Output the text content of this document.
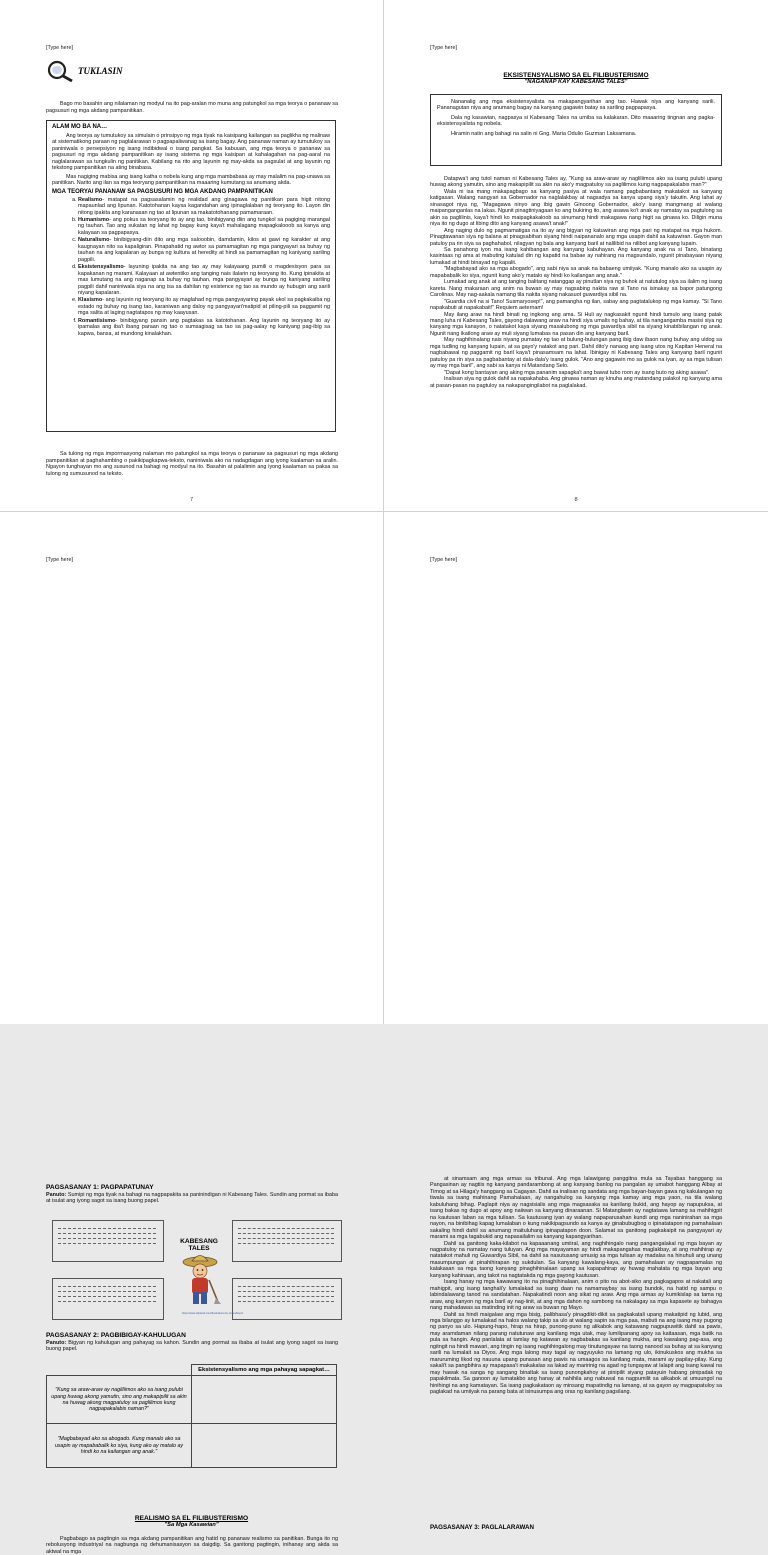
[Type here]
TUKLASIN

Bago mo basahin ang nilalaman ng modyul na ito pag-aralan mo muna ang patungkol sa mga teorya o pananaw sa pagsusuri ng mga akdang pampanitikan.

ALAM MO BA NA…

Ang teorya ay tumutukoy sa simulain o prinsipyo ng mga tiyak na kaisipang kailangan sa paglikha ng malinaw at sistematikong paraan ng paglalarawan o pagpapaliwanag sa isang bagay. Ang pananaw naman ay tumutukoy sa paniniwala o persepsiyon ng isang indibidwal o isang pangkat. Sa kabuuan, ang mga teorya o pananaw sa pagsusuri ng mga akdang pampanitikan ay isang sistema ng mga kaisipan at kahalagahan na pag-aaral na naglalarawan sa tungkulin ng panitikan. Kabilang na rito ang layunin ng may-akda sa pagsulat at ang layunin ng tekstong pampanitikan na ating binabasa.

Mas nagiging mabisa ang isang katha o nobela kung ang mga mambabasa ay may malalim na pag-unawa sa panitikan. Narito ang ilan sa mga teoryang pampanitikan na maaaring kumutang sa anumang akda.

MGA TEORYA/ PANANAW SA PAGSUSURI NG MGA AKDANG PAMPANITIKAN
a. Realismo- matapat na pagsasalamin ng realidad ang ginagawa ng panitikan para higit nitong mapaunlad ang lipunan. Katotohanan kaysa kagandahan ang ipinaglalaban ng teoryang ito. Layon din nitong ipakita ang karanasan ng tao at lipunan sa makatotohanang pamamaraan.
b. Humanismo- ang pokus sa teoryang ito ay ang tao, binibigyang diin ang tungkol sa pagiging marangal ng tauhan. Tao ang sukatan ng lahat ng bagay kung kaya't mahalagang mapagkalooob sa kanya ang kalayaan sa pagpapasya.
c. Naturalismo- binibigyang-diin dito ang mga salooobin, damdamin, kilos at gawi ng karakter at ang kaugnayan nito sa kapaligiran. Pinapahatid ng awtor sa pamamagitan ng mga pangyayari sa buhay ng tauhan na ang kapalaran ay bunga ng kultura at heredity at hindi sa pamamagitan ng kaniyang sariling pagpili.
d. Eksistensyalismo- layuning ipakita na ang tao ay may kalayaang pumili o magdesisyon para sa kapakanan ng marami. Kalayaan at awtentiko ang tanging nais ilalarin ng teoryang ito. Kung ipinakita at mas lumutang na ang naganap sa buhay ng tauhan, mga pangyayari ay bunga ng kaniyang sariling pagpili dahil naniniwala siya na ang isa sa dahilan ng existence ng tao sa mundo ay hubugin ang sarili niyang kapalaran.
e. Klasismo- ang layunin ng teoryang ito ay maglahad ng mga pangyayaring payak ukol sa pagkakaiba ng estado ng buhay ng isang tao, karaniwan ang daloy ng pangyayari'matipid at piling-pili sa paggamit ng mga salita at laging nagtatapos ng may kaayusan.
f. Romantisismo- binibigyang pansin ang pagtakas sa katotohanan. Ang layunin ng teoryang ito ay ipamalas ang iba't ibang paraan ng tao o sumsagisag sa tao sa pag-aalay ng kaniyang pag-ibig sa kapwa, bansa, at mundong kinalakhan.

Sa tulong ng mga impormasyong nalaman mo patungkol sa mga teorya o pananaw sa pagsusuri ng mga akdang pampanitikan at paghahambing o pakikipagkapwa-teksto, naniniwala ako na nadagdagan ang iyong kaalaman sa aralin. Ngayon tunghayan mo ang susunod na bahagi ng modyul na ito. Basahin at palalimin ang iyong kaalaman sa paksa sa tulong ng sumusunod na teksto.

7
[Type here]
EKSISTENSYALISMO SA EL FILIBUSTERISMO
"NAGANAP KAY KABESANG TALES"

Nananalig ang mga eksistensyalista na makapangyarihan ang tao. Hawak niya ang kanyang sarili. Pananagutan niya ang anumang bagay na kanyang gagawin batay sa sariling pagpapasya.

Dala ng kasawian, nagpasya si Kabesang Tales na umiba sa kalakaran. Dito maaaring tingnan ang pagka-eksistensyalista ng nobela.

Hiramin natin ang bahagi na salin ni Gng. Maria Odulio Guzman Laksamana.

Datapwa't ang tutol naman ni Kabesang Tales ay, "Kung sa araw-araw ay nagliliimos ako sa isang pulubi upang huwag akong yamutin, sino ang makapipilit sa akin na ako'y magpatuloy sa paglilimos kung nagpapakalabis man?"

Wala ni isa mang makapagbago sa kanyang pasiya at wala namang pagbabantang makatakot sa kanyang katigasan. Walang nangyari sa Gobernador na naglalakbay at nagsadya sa kanya upang siya'y takutin. Ang lahat ay sinasagot niya ng, "Magagawa ninyo ang ibig gawin Ginoong Gobernador, ako'y isang mangmang at walang maipanganganlas na lakas. Ngunit pinagtiniyagaan ko ang bukiring ito, ang asawa ko't anak ay namatay sa pagtulong sa akin sa paglilinis, kaya't hindi ko maipagkakaloob sa sinumang hindi makagawa nang higit sa ginawa ko. Diligin muna niya ito ng dugo at libing dito ang kanyang asawa't anak!"

Ang naging dulo ng pagmamatigas na ito ay ang bigyan ng katuwiran ang mga pari ng matapat na mga hukom. Pinagtawanan siya ng balana at pinagsabihan siyang hindi naipananalo ang mga usapin dahil sa katuwiran. Gayon man patuloy pa rin siya sa paghahabol, nilagyan ng bala ang kanyang baril at nalilibid na nilibot ang kanyang lupain.

Sa panahong iyon ma isang kahibangan ang kanyang kabuhayan. Ang kanyang anak na si Tano, binatang kasintaas ng ama at mabuting katulad din ng kapatid na babae ay nahirang na magsundalo, ngunit pinabayaan niyang lumakad at hindi binayad ng kapalit.

"Magbabayad ako sa mga abogado", ang sabi niya sa anak na babaeng umiiyak. "Kung manalo ako sa usapin ay mapababalik ko siya, ngunit kung ako'y matalo ay hindi ko kailangan ang anak."

Lumakad ang anak at ang tanging balitang natanggap ay pinutlan siya ng buhok at natutulog siya sa ilalim ng isang kareta. Nang makaraan ang anim na buwan ay may nagsabing nakita raw si Tano na isinakay sa bapor patungong Carolinas. May nag-aakala namang tila nakita siyang nakasuot guwardiya sibil na.

"Guardia civil na si Tano! Susmaryosep!", ang pamangha ng ilan, sabay ang pagtatalukop ng mga kamay. "Si Tano napakabuti at napakabait!" Requiem aeternam!

May ilang araw na hindi binati ng ingkong ang ama. Si Huli ay nagkasakit ngunit hindi tumulo ang isang patak mang luha ni Kabesang Tales, gayong dalawang araw na hindi siya umalis ng bahay, at tila nangangamba masisi siya ng kanyang mga kanayon, o natatakot kaya siyang masalubong ng mga guwardiya sibil na siyang kinabibilangan ng anak. Ngunit nang ikatlong araw ay muli siyang lumabas na pasan din ang kanyang baril.

May naghihinalang nais niyang pumatay ng tao at bulung-bulungan pang ibig daw ibaon nang buhay ang uldog sa mga tudling ng kanyang lupain, at sa gayo'y natakot ang pari. Dahil dito'y nanaog ang isang utos ng Kapitan Heneral na nagbabawal ng paggamit ng baril kaya't pinasamsam na lahat. Ibinigay ni Kabesang Tales ang kanyang baril ngunit patuloy pa rin siya sa pagbabantay at dala-dala'y isang gulok. "Ano ang gagawin mo sa gulok na iyan, ay sa mga tulisan ay may mga baril", ang sabi sa kanya ni Matandang Selo.

"Dapat kong bantayan ang aking mga pananim sapagka't ang bawat tubo roon ay isang buto ng aking asawa".

Inalisan siya ng gulok dahil sa napakahaba. Ang ginawa naman ay kinuha ang matandang palakol ng kanyang ama at pasan-pasan na pagtuloy sa nakapangingilabot na paglalakad.

8
[Type here]
PAGSASANAY 1: PAGPAPATUNAY

Panuto: Sumipi ng mga tiyak na bahagi na nagpapakita sa paninindigan ni Kabesang Tales. Sundin ang pormat sa ibaba at isulat ang iyong sagot sa isang buong papel.

KABESANG TALES
https://www.clipartof.com/illustrations-by-ronleshine/1
PAGSASANAY 2: PAGBIBIGAY-KAHULUGAN

Panuto: Bigyan ng kahulugan ang pahayag sa kahon. Sundin ang pormat sa ibaba at isulat ang iyong sagot sa isang buong papel.

	Eksistensyalismo ang mga pahayag sapagkat…
"Kung sa araw-araw ay nagliliimos ako sa isang pulubi upang huwag akong yamutin, sino ang makapipilit sa akin na huwag akong magpatuloy sa paglilimos kung nagpapakalabis naman?"	
"Magbabayad ako sa abogado. Kung manalo ako sa usapin ay mapababalik ko siya, kung ako ay matalo ay hindi ko na kailangan ang anak."	
REALISMO SA EL FILIBUSTERISMO
"Sa Mga Kasawian"

Pagbabago sa pagtingin sa mga akdang pampanitikan ang hatid ng pananaw realismo sa panitikan. Bunga ito ng rebolusyong industriyal na nagbunga ng dehumanisasyon sa daigdig. Sa ganitong pagtingin, inihanay ang akda sa aktwal na mga

[Type here]

at sinamsam ang mga armas sa tribunal. Ang mga lalawigang panggitna mula sa Tayabas hanggang sa Pangasinan ay nagtiis ng kanyang pandarambong at ang kanyang banlog na pangalan ay umabot hanggang Albay at Timog at sa Hilaga'y hanggang sa Cagayan. Dahil sa inalisan ng sandata ang mga bayan-bayan gawa ng kakulangan ng tiwala sa isang mahinang Pamahalaan, ay nangahulog sa kanyang mga kamay ang mga yaon, na tila walang kabuluhang bihag. Paglapit niya ay nagsisialis ang mga magsasaka sa kanilang bukid, ang hayop ay napupuksa, at isang bakas ng dugo at apoy ang naiiwan sa kanyang dinaraanan. Si Matanglawin ay nagtatawa lamang sa mahihigpit na kautusan laban sa mga tulisan. Sa kautusang iyan ay walang napaparusahan kundi ang mga naninirahan sa mga nayon, na binibihag kapag lumalaban o kung nakikipagsundo sa kanya ay ginabubugbog o ipinatatapon ng pamahalaan sakaling hindi dahil sa anumang maituluhang ipinapatapon doon. Salamat sa ganitong pagkakaipit na pangyayari ay marami sa mga tagabukid ang napasailalim sa kanyang kapangyarihan.

Dahil sa ganitong kaka-kilabot na kapaaanang umiiral, ang naghihingalo nang pangangalakal ng mga bayan ay nagpatuloy na namatay nang tuluyan. Ang mga mayayaman ay hindi makapangahas maglakbay, at ang mahihirap ay natatakot mahuli ng Guwardiya Sibil, na dahil sa nasutusang umusig sa mga tulisan ay madalas na hinuhuli ang unang masumpungan at pinahihirapan ng sukdulan. Sa kanyang kawalang-kaya, ang pamahalaan ay nagpapamalas ng kalakasan sa mga taong kanyang pinaghihinalaan upang sa kapapahirap ay huwag mahalata ng mga bayan ang kanyang kahinaan, ang takot na nagtatakda ng mga gayong kautusan.

Isang hanay ng mga kawawang ito na pinaghihinalaan, anim o pito na abot-siko ang pagkagapos at nakatali ang mahigpit, ang isang tanghali'y lumalakad sa isang daan na namamaybay sa isang bundok, na hatid ng sampu o labindalawang tanod na sandatahan. Napakatindi noon ang sikat ng araw. Ang mga armas ay kumikislap sa tama ng araw, ang kanyon ng mga baril ay nag-iinit, at ang mga dahon ng sambong na nakalagay sa mga kapasete ay bahagya nang mahadawas sa matinding init ng araw sa buwan ng Mayo.

Dahil sa hindi maigalaw ang mga bisig, palibhasa'y pinagdikit-dikit sa pagkakatali upang makatipid ng lubid, ang mga bilanggo ay lumalakad na halos walang takip sa ulo at walang sapin sa mga paa, mabuti na ang isang may pugong ng panyo sa ulo. Hapung-hapo, hirap na hirap, punong-puno ng alikabok ang katawang nagpupuwitik dahil sa pawis, may aramdaman nilang parang natutunaw ang kanilang mga utak, may lumilipanang apoy sa kaitaasan, mga batik na pula sa hangin. Ang panlalata at tamlay ng katawan ay nagbabakas sa kanilang mukha, ang kawalang pag-asa, ang ngitngit na hindi mawari, ang tingin ng isang naghihingalong may tinutungayaw na taong nanood sa buhay at sa kanyang sarili na lumalait sa Diyos. Ang mga lalong may tagal ay nagyuyuko na lamang ng ulo, ikinukuskos ang mukha sa maruruming likod ng nauuna upang punasan ang pawis na umaagos sa kanilang mata, marami ay papilay-pilay. Kung sakali't sa pangbihira ay mapapasa't makakalas sa lakad ay maririnig na agad ng tungayaw at lalapit ang isang kawal na may hawak na sanga ng sangang binaltak sa isang punongkahoy at pinipilit siyang patayuin habang pinipadak ng papakilmata. Sa ganoon ay lumatakbo ang hanay at nahihila ang nabuwal na nagpumilit sa alikabok at umuungol na hinihingi na ang kamatayan. Sa isang pagkakataon ay minsang mapatindig na lamang, at sa gayon ay magpapatuloy sa paglakad na umiiyak na parang bata at isinusumpa ang oras ng kanilang pagsilang.

PAGSASANAY 3: PAGLALARAWAN
